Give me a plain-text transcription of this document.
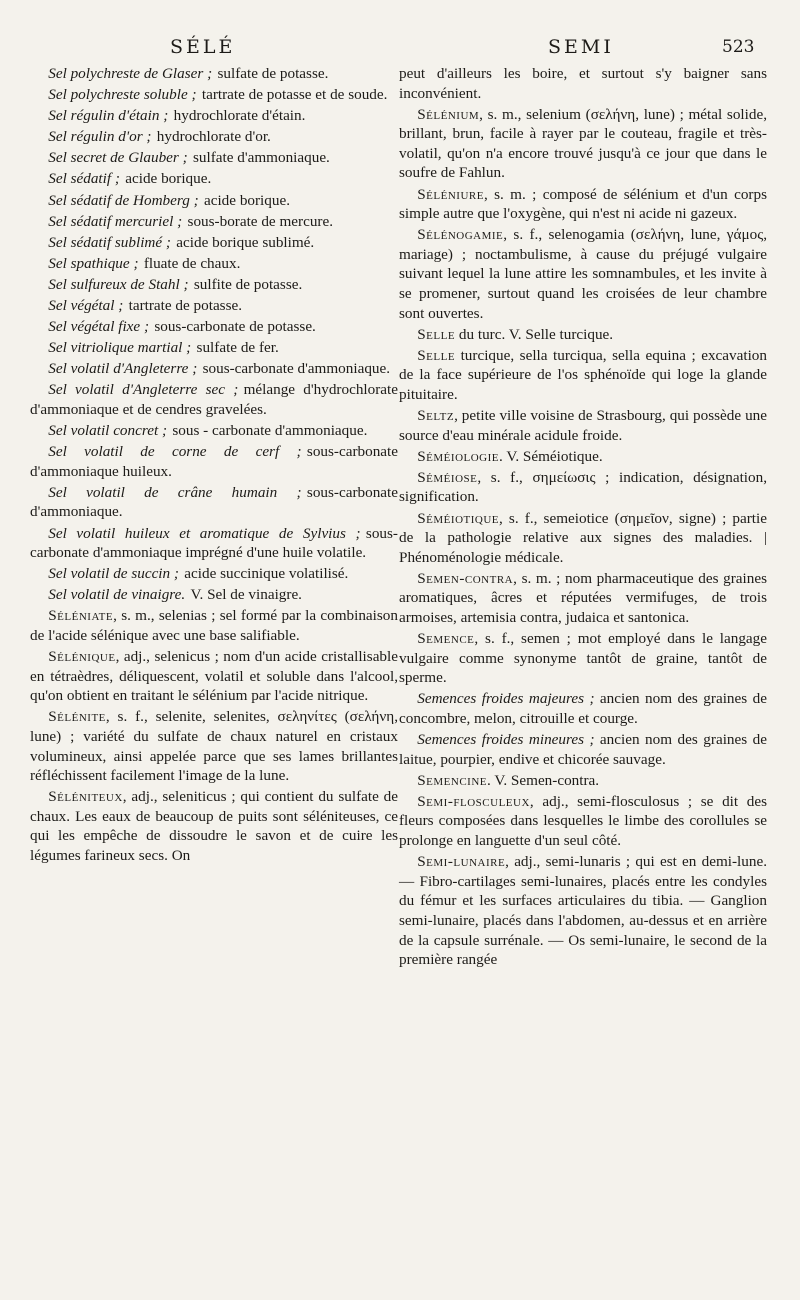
SÉLÉ	SEMI	523

Sel polychreste de Glaser ; sulfate de potasse.

Sel polychreste soluble ; tartrate de potasse et de soude.

Sel régulin d'étain ; hydrochlorate d'étain.

Sel régulin d'or ; hydrochlorate d'or.

Sel secret de Glauber ; sulfate d'ammoniaque.

Sel sédatif ; acide borique.

Sel sédatif de Homberg ; acide borique.

Sel sédatif mercuriel ; sous-borate de mercure.

Sel sédatif sublimé ; acide borique sublimé.

Sel spathique ; fluate de chaux.

Sel sulfureux de Stahl ; sulfite de potasse.

Sel végétal ; tartrate de potasse.

Sel végétal fixe ; sous-carbonate de potasse.

Sel vitriolique martial ; sulfate de fer.

Sel volatil d'Angleterre ; sous-carbonate d'ammoniaque.

Sel volatil d'Angleterre sec ; mélange d'hydrochlorate d'ammoniaque et de cendres gravelées.

Sel volatil concret ; sous - carbonate d'ammoniaque.

Sel volatil de corne de cerf ; sous-carbonate d'ammoniaque huileux.

Sel volatil de crâne humain ; sous-carbonate d'ammoniaque.

Sel volatil huileux et aromatique de Sylvius ; sous-carbonate d'ammoniaque imprégné d'une huile volatile.

Sel volatil de succin ; acide succinique volatilisé.

Sel volatil de vinaigre. V. Sel de vinaigre.

Séléniate, s. m., selenias ; sel formé par la combinaison de l'acide sélénique avec une base salifiable.

Sélénique, adj., selenicus ; nom d'un acide cristallisable en tétraèdres, déliquescent, volatil et soluble dans l'alcool, qu'on obtient en traitant le sélénium par l'acide nitrique.

Sélénite, s. f., selenite, selenites, σεληνίτες (σελήνη, lune) ; variété du sulfate de chaux naturel en cristaux volumineux, ainsi appelée parce que ses lames brillantes réfléchissent facilement l'image de la lune.

Séléniteux, adj., seleniticus ; qui contient du sulfate de chaux. Les eaux de beaucoup de puits sont séléniteuses, ce qui les empêche de dissoudre le savon et de cuire les légumes farineux secs. On

peut d'ailleurs les boire, et surtout s'y baigner sans inconvénient.

Sélénium, s. m., selenium (σελήνη, lune) ; métal solide, brillant, brun, facile à rayer par le couteau, fragile et très-volatil, qu'on n'a encore trouvé jusqu'à ce jour que dans le soufre de Fahlun.

Séléniure, s. m. ; composé de sélénium et d'un corps simple autre que l'oxygène, qui n'est ni acide ni gazeux.

Sélénogamie, s. f., selenogamia (σελήνη, lune, γάμος, mariage) ; noctambulisme, à cause du préjugé vulgaire suivant lequel la lune attire les somnambules, et les invite à se promener, surtout quand les croisées de leur chambre sont ouvertes.

Selle du turc. V. Selle turcique.

Selle turcique, sella turciqua, sella equina ; excavation de la face supérieure de l'os sphénoïde qui loge la glande pituitaire.

Seltz, petite ville voisine de Strasbourg, qui possède une source d'eau minérale acidule froide.

Séméiologie. V. Séméiotique.

Séméiose, s. f., σημείωσις ; indication, désignation, signification.

Séméiotique, s. f., semeiotice (σημεῖον, signe) ; partie de la pathologie relative aux signes des maladies. | Phénoménologie médicale.

Semen-contra, s. m. ; nom pharmaceutique des graines aromatiques, âcres et réputées vermifuges, de trois armoises, artemisia contra, judaica et santonica.

Semence, s. f., semen ; mot employé dans le langage vulgaire comme synonyme tantôt de graine, tantôt de sperme.

Semences froides majeures ; ancien nom des graines de concombre, melon, citrouille et courge.

Semences froides mineures ; ancien nom des graines de laitue, pourpier, endive et chicorée sauvage.

Semencine. V. Semen-contra.

Semi-flosculeux, adj., semi-flosculosus ; se dit des fleurs composées dans lesquelles le limbe des corollules se prolonge en languette d'un seul côté.

Semi-lunaire, adj., semi-lunaris ; qui est en demi-lune. — Fibro-cartilages semi-lunaires, placés entre les condyles du fémur et les surfaces articulaires du tibia. — Ganglion semi-lunaire, placés dans l'abdomen, au-dessus et en arrière de la capsule surrénale. — Os semi-lunaire, le second de la première rangée
